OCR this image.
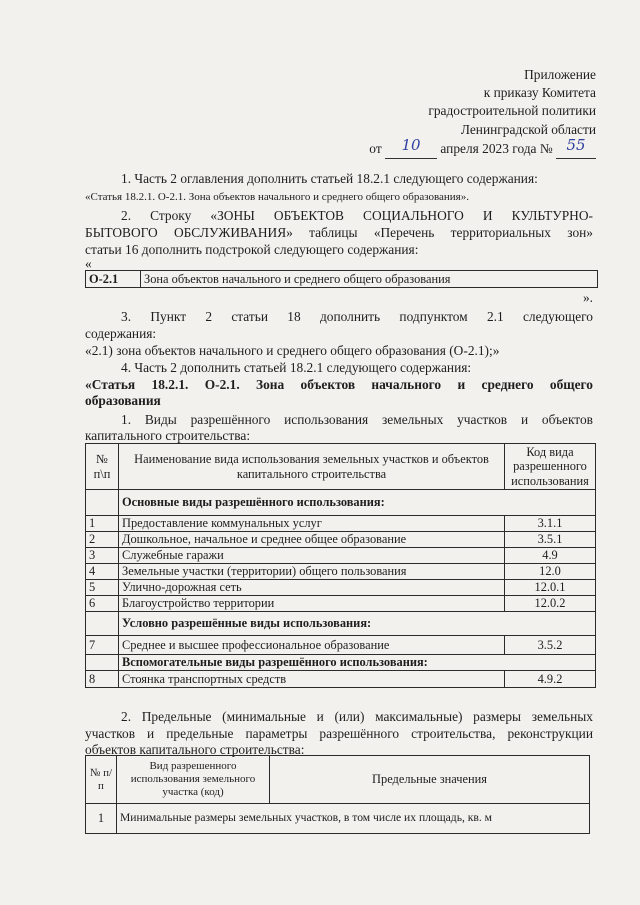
Приложение
к приказу Комитета
градостроительной политики
Ленинградской области
от 10 апреля 2023 года № 55
1. Часть 2 оглавления дополнить статьей 18.2.1 следующего содержания:
«Статья 18.2.1. О-2.1. Зона объектов начального и среднего общего образования».
2. Строку «ЗОНЫ ОБЪЕКТОВ СОЦИАЛЬНОГО И КУЛЬТУРНО-
БЫТОВОГО ОБСЛУЖИВАНИЯ» таблицы «Перечень территориальных зон»
статьи 16 дополнить подстрокой следующего содержания:
«
О-2.1	Зона объектов начального и среднего общего образования
».
3. Пункт 2 статьи 18 дополнить подпунктом 2.1 следующего
содержания:
«2.1) зона объектов начального и среднего общего образования (О-2.1);»
4. Часть 2 дополнить статьей 18.2.1 следующего содержания:
«Статья 18.2.1. О-2.1. Зона объектов начального и среднего общего
образования
1. Виды разрешённого использования земельных участков и объектов
капитального строительства:
№ п\п	Наименование вида использования земельных участков и объектов капитального строительства	Код вида разрешенного использования
	Основные виды разрешённого использования:	
1	Предоставление коммунальных услуг	3.1.1
2	Дошкольное, начальное и среднее общее образование	3.5.1
3	Служебные гаражи	4.9
4	Земельные участки (территории) общего пользования	12.0
5	Улично-дорожная сеть	12.0.1
6	Благоустройство территории	12.0.2
	Условно разрешённые виды использования:	
7	Среднее и высшее профессиональное образование	3.5.2
	Вспомогательные виды разрешённого использования:	
8	Стоянка транспортных средств	4.9.2
2. Предельные (минимальные и (или) максимальные) размеры земельных
участков и предельные параметры разрешённого строительства, реконструкции
объектов капитального строительства:
№ п/п	Вид разрешенного использования земельного участка (код)	Предельные значения
1	Минимальные размеры земельных участков, в том числе их площадь, кв. м	
